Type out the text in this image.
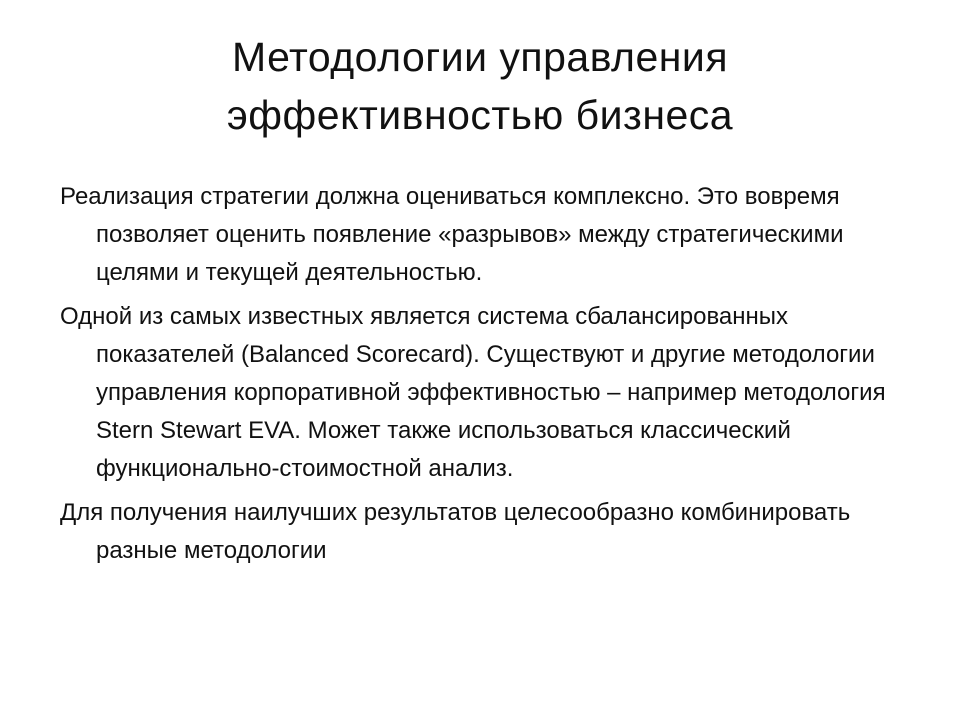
Методологии управления
эффективностью бизнеса

Реализация стратегии должна оцениваться комплексно. Это вовремя позволяет оценить появление «разрывов» между стратегическими целями и текущей деятельностью.

Одной из самых известных является система сбалансированных показателей (Balanced Scorecard). Существуют и другие методологии управления корпоративной эффективностью – например методология Stern Stewart EVA. Может также использоваться классический функционально-стоимостной анализ.

Для получения наилучших результатов целесообразно комбинировать разные методологии
